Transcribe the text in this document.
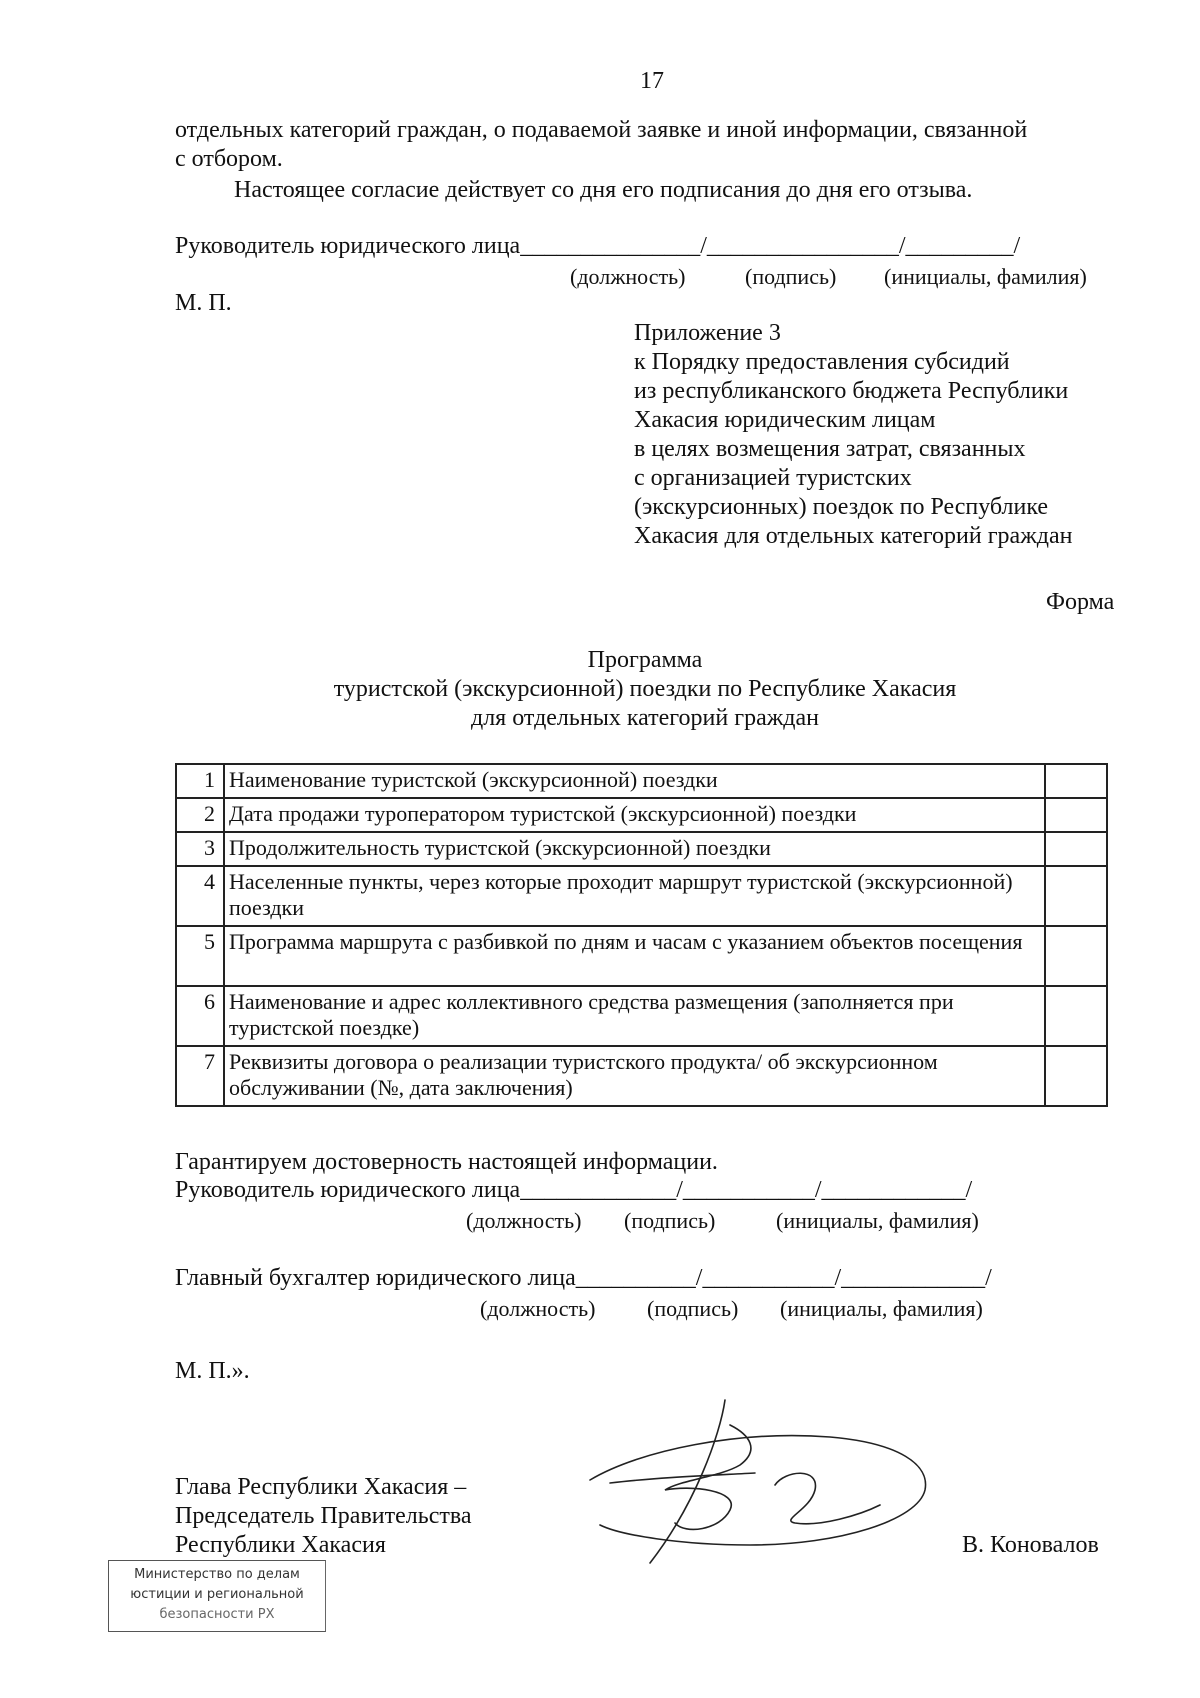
17
отдельных категорий граждан, о подаваемой заявке и иной информации, связанной
с отбором.
Настоящее согласие действует со дня его подписания до дня его отзыва.
Руководитель юридического лица_______________/________________/_________/
(должность)	(подпись) (инициалы, фамилия)
М. П.
Приложение 3
к Порядку предоставления субсидий
из республиканского бюджета Республики
Хакасия юридическим лицам
в целях возмещения затрат, связанных
с организацией туристских
(экскурсионных) поездок по Республике
Хакасия для отдельных категорий граждан
Форма
Программа
туристской (экскурсионной) поездки по Республике Хакасия
для отдельных категорий граждан
1	Наименование туристской (экскурсионной) поездки	
2	Дата продажи туроператором туристской (экскурсионной) поездки	
3	Продолжительность туристской (экскурсионной) поездки	
4	Населенные пункты, через которые проходит маршрут туристской (экскурсионной) поездки	
5	Программа маршрута с разбивкой по дням и часам с указанием объектов посещения	
6	Наименование и адрес коллективного средства размещения (заполняется при туристской поездке)	
7	Реквизиты договора о реализации туристского продукта/ об экскурсионном обслуживании (№, дата заключения)	
Гарантируем достоверность настоящей информации.
Руководитель юридического лица_____________/___________/____________/
(должность) (подпись)	(инициалы, фамилия)
Главный бухгалтер юридического лица__________/___________/____________/
(должность) (подпись) (инициалы, фамилия)
М. П.».
Глава Республики Хакасия –
Председатель Правительства
Республики Хакасия	В. Коновалов
Министерство по делам
юстиции и региональной
безопасности РХ
